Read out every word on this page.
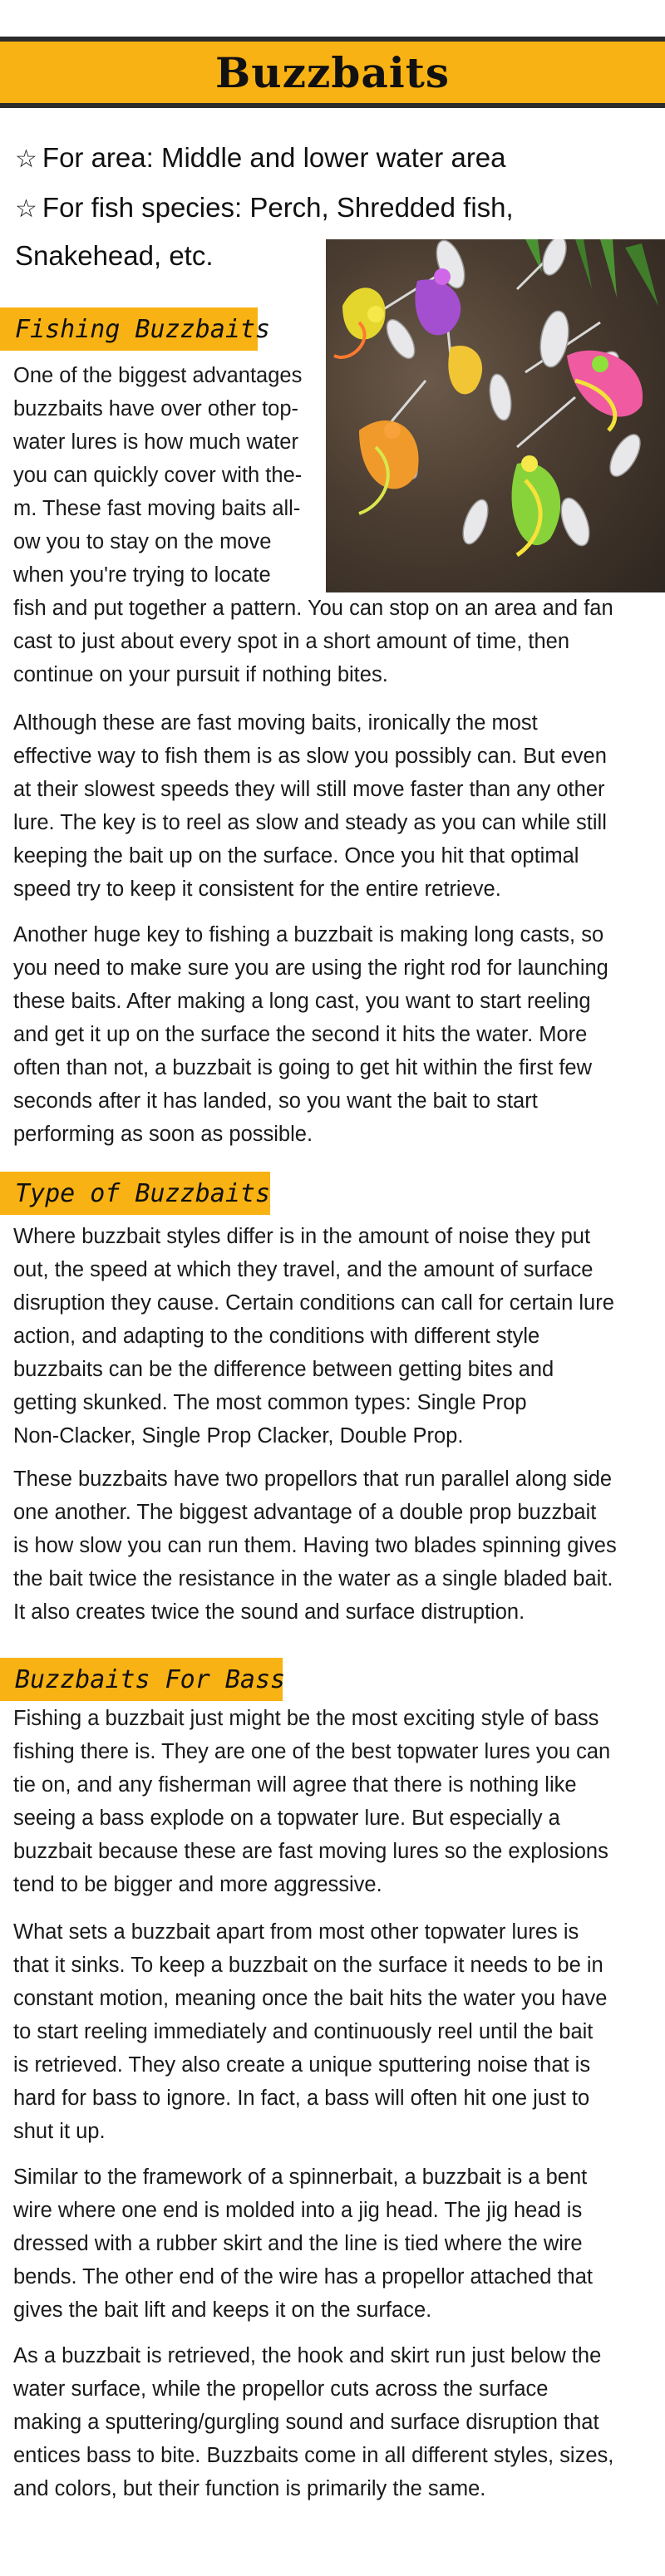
Buzzbaits
☆ For area: Middle and lower water area
☆ For fish species: Perch, Shredded fish,
Snakehead, etc.
Fishing Buzzbaits
One of the biggest advantages
buzzbaits have over other top-
water lures is how much water
you can quickly cover with the-
m. These fast moving baits all-
ow you to stay on the move
when you're trying to locate
fish and put together a pattern. You can stop on an area and fan
cast to just about every spot in a short amount of time, then
continue on your pursuit if nothing bites.
Although these are fast moving baits, ironically the most
effective way to fish them is as slow you possibly can. But even
at their slowest speeds they will still move faster than any other
lure. The key is to reel as slow and steady as you can while still
keeping the bait up on the surface. Once you hit that optimal
speed try to keep it consistent for the entire retrieve.
Another huge key to fishing a buzzbait is making long casts, so
you need to make sure you are using the right rod for launching
these baits. After making a long cast, you want to start reeling
and get it up on the surface the second it hits the water. More
often than not, a buzzbait is going to get hit within the first few
seconds after it has landed, so you want the bait to start
performing as soon as possible.
Type of Buzzbaits
Where buzzbait styles differ is in the amount of noise they put
out, the speed at which they travel, and the amount of surface
disruption they cause. Certain conditions can call for certain lure
action, and adapting to the conditions with different style
buzzbaits can be the difference between getting bites and
getting skunked. The most common types: Single Prop
Non-Clacker, Single Prop Clacker, Double Prop.
These buzzbaits have two propellors that run parallel along side
one another. The biggest advantage of a double prop buzzbait
is how slow you can run them. Having two blades spinning gives
the bait twice the resistance in the water as a single bladed bait.
It also creates twice the sound and surface distruption.
Buzzbaits For Bass
Fishing a buzzbait just might be the most exciting style of bass
fishing there is. They are one of the best topwater lures you can
tie on, and any fisherman will agree that there is nothing like
seeing a bass explode on a topwater lure. But especially a
buzzbait because these are fast moving lures so the explosions
tend to be bigger and more aggressive.
What sets a buzzbait apart from most other topwater lures is
that it sinks. To keep a buzzbait on the surface it needs to be in
constant motion, meaning once the bait hits the water you have
to start reeling immediately and continuously reel until the bait
is retrieved. They also create a unique sputtering noise that is
hard for bass to ignore. In fact, a bass will often hit one just to
shut it up.
Similar to the framework of a spinnerbait, a buzzbait is a bent
wire where one end is molded into a jig head. The jig head is
dressed with a rubber skirt and the line is tied where the wire
bends. The other end of the wire has a propellor attached that
gives the bait lift and keeps it on the surface.
As a buzzbait is retrieved, the hook and skirt run just below the
water surface, while the propellor cuts across the surface
making a sputtering/gurgling sound and surface disruption that
entices bass to bite. Buzzbaits come in all different styles, sizes,
and colors, but their function is primarily the same.
